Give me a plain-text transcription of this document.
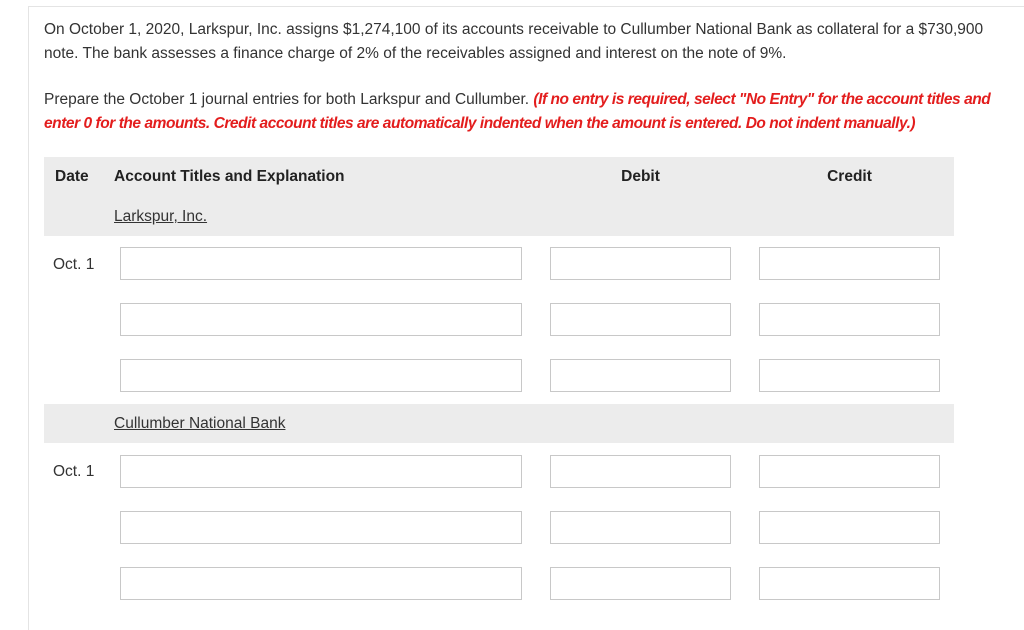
On October 1, 2020, Larkspur, Inc. assigns $1,274,100 of its accounts receivable to Cullumber National Bank as collateral for a $730,900 note. The bank assesses a finance charge of 2% of the receivables assigned and interest on the note of 9%.
Prepare the October 1 journal entries for both Larkspur and Cullumber. (If no entry is required, select "No Entry" for the account titles and enter 0 for the amounts. Credit account titles are automatically indented when the amount is entered. Do not indent manually.)
Date Account Titles and Explanation	Debit	Credit
Larkspur, Inc.
Oct. 1
Cullumber National Bank
Oct. 1
